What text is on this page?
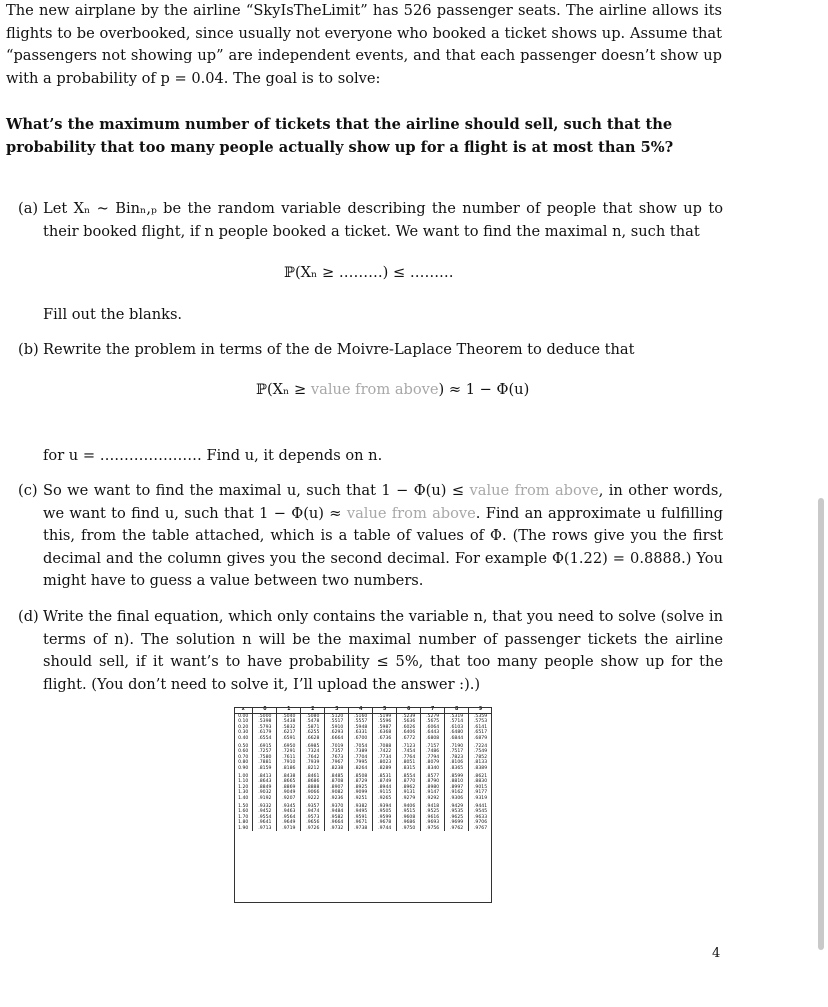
The new airplane by the airline “SkyIsTheLimit” has 526 passenger seats. The airline allows its flights to be overbooked, since usually not everyone who booked a ticket shows up. Assume that “passengers not showing up” are independent events, and that each passenger doesn’t show up with a probability of p = 0.04. The goal is to solve:

What’s the maximum number of tickets that the airline should sell, such that the probability that too many people actually show up for a flight is at most than 5%?

(a) Let Xₙ ~ Binₙ,ₚ be the random variable describing the number of people that show up to their booked flight, if n people booked a ticket. We want to find the maximal n, such that
ℙ(Xₙ ≥ ………) ≤ ………
Fill out the blanks.
(b) Rewrite the problem in terms of the de Moivre-Laplace Theorem to deduce that
ℙ(Xₙ ≥ value from above) ≈ 1 − Φ(u)
for u = ………………… Find u, it depends on n.
(c) So we want to find the maximal u, such that 1 − Φ(u) ≤ value from above, in other words, we want to find u, such that 1 − Φ(u) ≈ value from above. Find an approximate u fulfilling this, from the table attached, which is a table of values of Φ. (The rows give you the first decimal and the column gives you the second decimal. For example Φ(1.22) = 0.8888.) You might have to guess a value between two numbers.
(d) Write the final equation, which only contains the variable n, that you need to solve (solve in terms of n). The solution n will be the maximal number of passenger tickets the airline should sell, if it want’s to have probability ≤ 5%, that too many people show up for the flight. (You don’t need to solve it, I’ll upload the answer :).)
x	0	1	2	3	4	5	6	7	8	9
0.00	.5000	.5040	.5080	.5120	.5160	.5199	.5239	.5279	.5319	.5359
0.10	.5398	.5438	.5478	.5517	.5557	.5596	.5636	.5675	.5714	.5753
0.20	.5793	.5832	.5871	.5910	.5948	.5987	.6026	.6064	.6103	.6141
0.30	.6179	.6217	.6255	.6293	.6331	.6368	.6406	.6443	.6480	.6517
0.40	.6554	.6591	.6628	.6664	.6700	.6736	.6772	.6808	.6844	.6879
0.50	.6915	.6950	.6985	.7019	.7054	.7088	.7123	.7157	.7190	.7224
0.60	.7257	.7291	.7324	.7357	.7389	.7422	.7454	.7486	.7517	.7549
0.70	.7580	.7611	.7642	.7673	.7704	.7734	.7764	.7794	.7823	.7852
0.80	.7881	.7910	.7939	.7967	.7995	.8023	.8051	.8079	.8106	.8133
0.90	.8159	.8186	.8212	.8238	.8264	.8289	.8315	.8340	.8365	.8389
1.00	.8413	.8438	.8461	.8485	.8508	.8531	.8554	.8577	.8599	.8621
1.10	.8643	.8665	.8686	.8708	.8729	.8749	.8770	.8790	.8810	.8830
1.20	.8849	.8869	.8888	.8907	.8925	.8944	.8962	.8980	.8997	.9015
1.30	.9032	.9049	.9066	.9082	.9099	.9115	.9131	.9147	.9162	.9177
1.40	.9192	.9207	.9222	.9236	.9251	.9265	.9279	.9292	.9306	.9319
1.50	.9332	.9345	.9357	.9370	.9382	.9394	.9406	.9418	.9429	.9441
1.60	.9452	.9463	.9474	.9484	.9495	.9505	.9515	.9525	.9535	.9545
1.70	.9554	.9564	.9573	.9582	.9591	.9599	.9608	.9616	.9625	.9633
1.80	.9641	.9649	.9656	.9664	.9671	.9678	.9686	.9693	.9699	.9706
1.90	.9713	.9719	.9726	.9732	.9738	.9744	.9750	.9756	.9762	.9767
4
